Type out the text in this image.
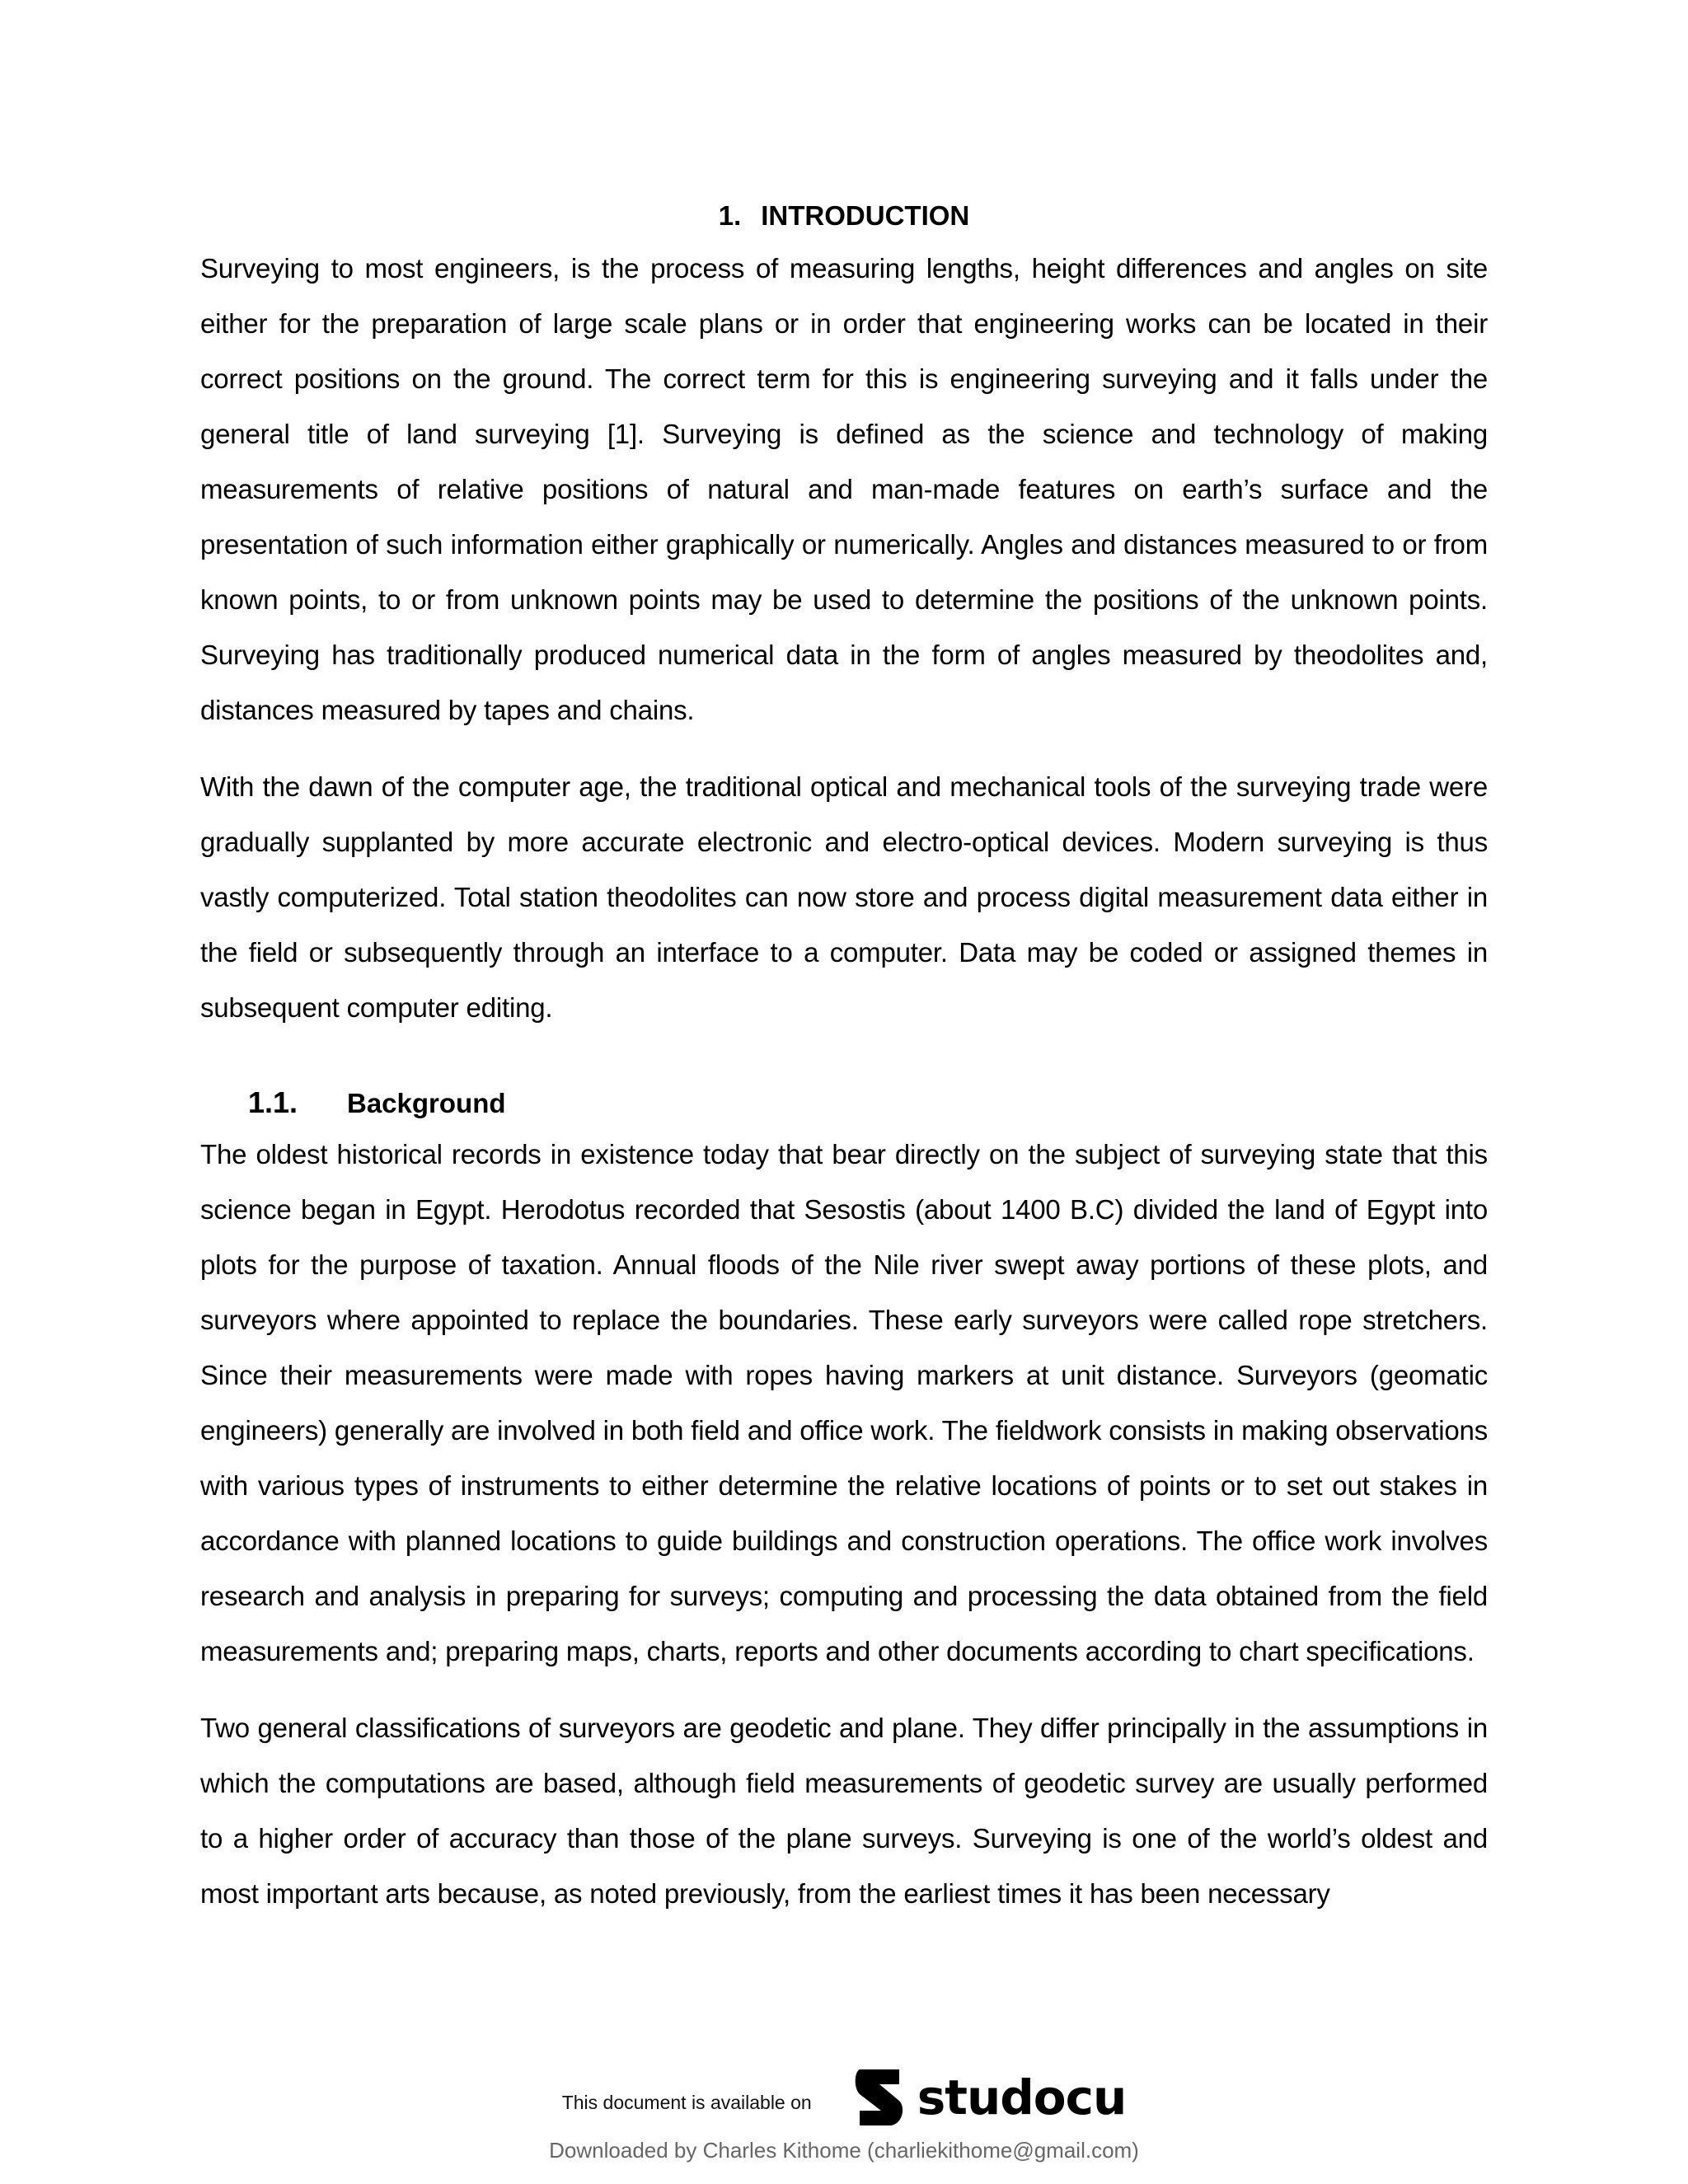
1. INTRODUCTION

Surveying to most engineers, is the process of measuring lengths, height differences and angles on site either for the preparation of large scale plans or in order that engineering works can be located in their correct positions on the ground. The correct term for this is engineering surveying and it falls under the general title of land surveying [1]. Surveying is defined as the science and technology of making measurements of relative positions of natural and man-made features on earth’s surface and the presentation of such information either graphically or numerically. Angles and distances measured to or from known points, to or from unknown points may be used to determine the positions of the unknown points. Surveying has traditionally produced numerical data in the form of angles measured by theodolites and, distances measured by tapes and chains.

With the dawn of the computer age, the traditional optical and mechanical tools of the surveying trade were gradually supplanted by more accurate electronic and electro-optical devices. Modern surveying is thus vastly computerized. Total station theodolites can now store and process digital measurement data either in the field or subsequently through an interface to a computer. Data may be coded or assigned themes in subsequent computer editing.

1.1. Background

The oldest historical records in existence today that bear directly on the subject of surveying state that this science began in Egypt. Herodotus recorded that Sesostis (about 1400 B.C) divided the land of Egypt into plots for the purpose of taxation. Annual floods of the Nile river swept away portions of these plots, and surveyors where appointed to replace the boundaries. These early surveyors were called rope stretchers. Since their measurements were made with ropes having markers at unit distance. Surveyors (geomatic engineers) generally are involved in both field and office work. The fieldwork consists in making observations with various types of instruments to either determine the relative locations of points or to set out stakes in accordance with planned locations to guide buildings and construction operations. The office work involves research and analysis in preparing for surveys; computing and processing the data obtained from the field measurements and; preparing maps, charts, reports and other documents according to chart specifications.

Two general classifications of surveyors are geodetic and plane. They differ principally in the assumptions in which the computations are based, although field measurements of geodetic survey are usually performed to a higher order of accuracy than those of the plane surveys. Surveying is one of the world’s oldest and most important arts because, as noted previously, from the earliest times it has been necessary

This document is available on studocu
Downloaded by Charles Kithome (charliekithome@gmail.com)
